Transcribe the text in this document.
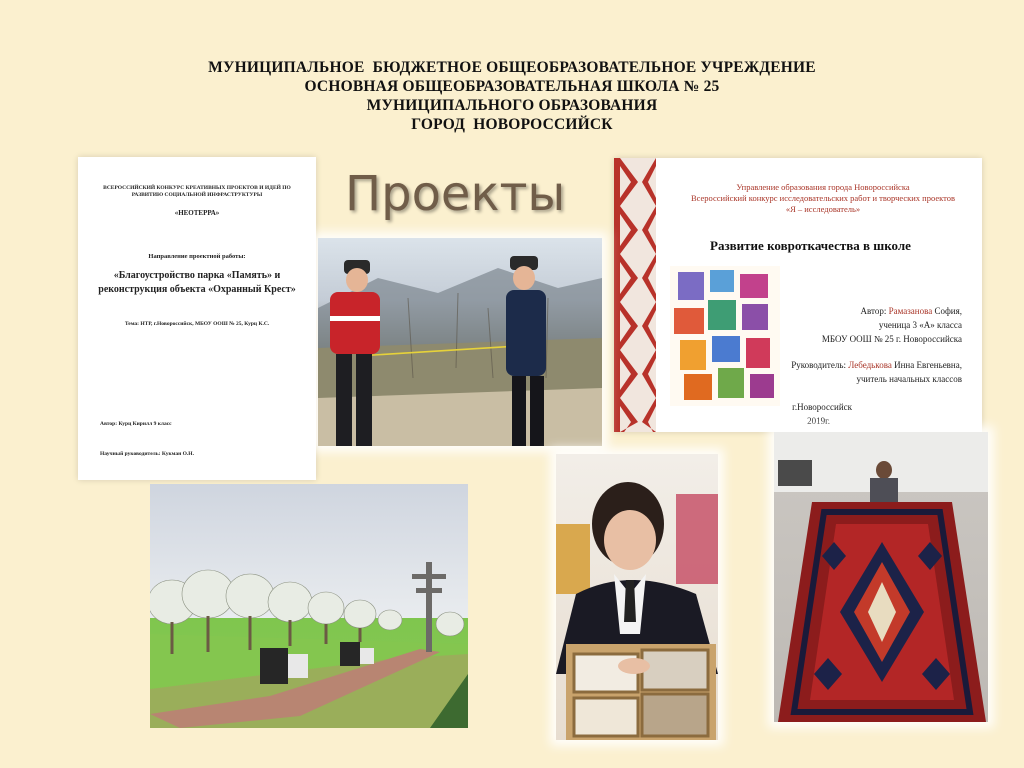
МУНИЦИПАЛЬНОЕ  БЮДЖЕТНОЕ ОБЩЕОБРАЗОВАТЕЛЬНОЕ УЧРЕЖДЕНИЕ
ОСНОВНАЯ ОБЩЕОБРАЗОВАТЕЛЬНАЯ ШКОЛА № 25
МУНИЦИПАЛЬНОГО ОБРАЗОВАНИЯ
ГОРОД  НОВОРОССИЙСК
Проекты
ВСЕРОССИЙСКИЙ КОНКУРС КРЕАТИВНЫХ ПРОЕКТОВ И ИДЕЙ ПО РАЗВИТИЮ СОЦИАЛЬНОЙ ИНФРАСТРУКТУРЫ
«НЕОТЕРРА»
Направление проектной работы:
«Благоустройство парка «Память» и реконструкция объекта «Охранный Крест»
Тема: НТР, г.Новороссийск, МБОУ ООШ № 25, Курц К.С.
Автор: Курц Кирилл 9 класс
Научный руководитель: Кукман О.Н.
Управление образования города Новороссийска
Всероссийский конкурс исследовательских работ и творческих проектов
«Я – исследователь»
Развитие ковроткачества в школе
Автор: Рамазанова София,
ученица 3 «А» класса
МБОУ ООШ № 25 г. Новороссийска
Руководитель: Лебедькова Инна Евгеньевна,
учитель начальных классов
г.Новороссийск
2019г.
